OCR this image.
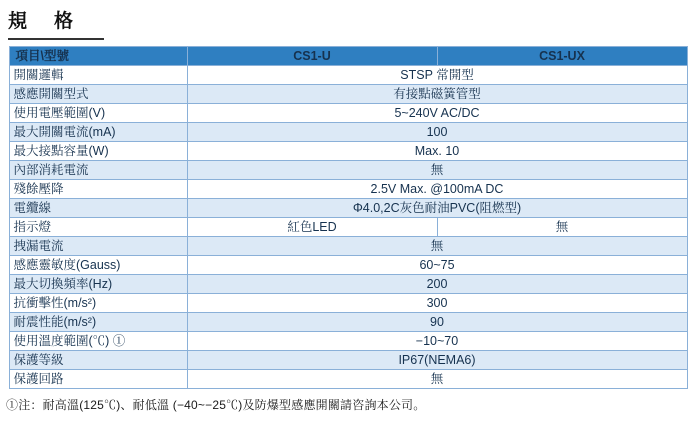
規　格
項目\型號	CS1-U	CS1-UX
開關邏輯	STSP 常開型	
感應開關型式	有接點磁簧管型	
使用電壓範圍(V)	5~240V AC/DC	
最大開關電流(mA)	100	
最大接點容量(W)	Max. 10	
內部消耗電流	無	
殘餘壓降	2.5V Max. @100mA DC	
電纜線	Φ4.0,2C灰色耐油PVC(阻燃型)	
指示燈	紅色LED	無
拽漏電流	無	
感應靈敏度(Gauss)	60~75	
最大切換頻率(Hz)	200	
抗衝擊性(m/s²)	300	
耐震性能(m/s²)	90	
使用溫度範圍(℃) ①	−10~70	
保護等級	IP67(NEMA6)	
保護回路	無	
①注：耐高溫(125℃)、耐低溫 (−40~−25℃)及防爆型感應開關請咨詢本公司。
